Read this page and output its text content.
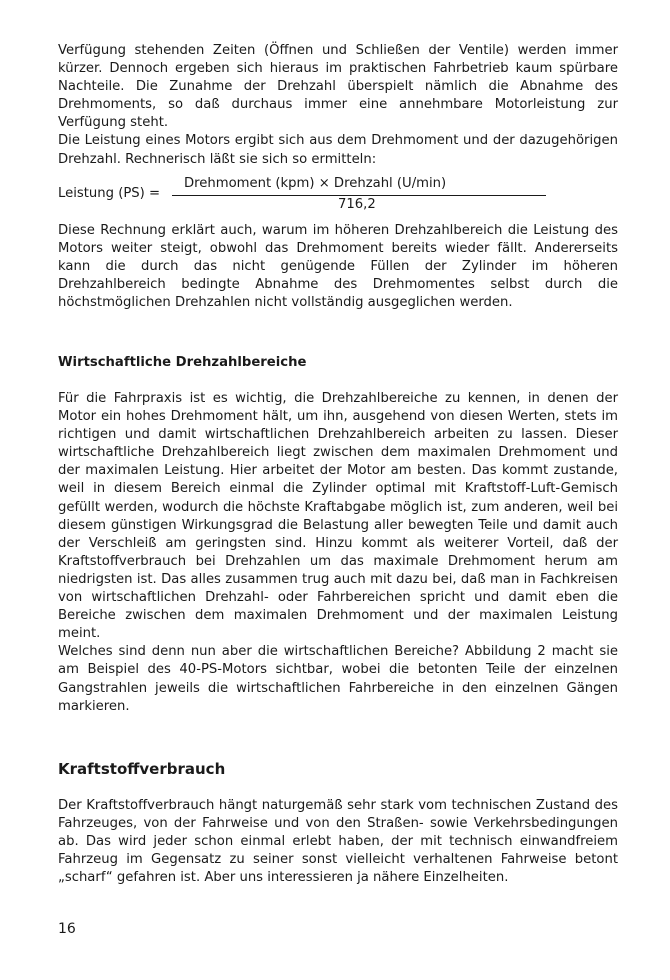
Verfügung stehenden Zeiten (Öffnen und Schließen der Ventile) werden immer kürzer. Dennoch ergeben sich hieraus im praktischen Fahrbetrieb kaum spürbare Nachteile. Die Zunahme der Drehzahl überspielt nämlich die Abnahme des Drehmoments, so daß durchaus immer eine annehmbare Motorleistung zur Verfügung steht.

Die Leistung eines Motors ergibt sich aus dem Drehmoment und der dazugehörigen Drehzahl. Rechnerisch läßt sie sich so ermitteln:

Leistung (PS) =
Drehmoment (kpm) × Drehzahl (U/min)
716,2

Diese Rechnung erklärt auch, warum im höheren Drehzahlbereich die Leistung des Motors weiter steigt, obwohl das Drehmoment bereits wieder fällt. Andererseits kann die durch das nicht genügende Füllen der Zylinder im höheren Drehzahlbereich bedingte Abnahme des Drehmomentes selbst durch die höchstmöglichen Drehzahlen nicht vollständig ausgeglichen werden.

Wirtschaftliche Drehzahlbereiche

Für die Fahrpraxis ist es wichtig, die Drehzahlbereiche zu kennen, in denen der Motor ein hohes Drehmoment hält, um ihn, ausgehend von diesen Werten, stets im richtigen und damit wirtschaftlichen Drehzahlbereich arbeiten zu lassen. Dieser wirtschaftliche Drehzahlbereich liegt zwischen dem maximalen Drehmoment und der maximalen Leistung. Hier arbeitet der Motor am besten. Das kommt zustande, weil in diesem Bereich einmal die Zylinder optimal mit Kraftstoff-Luft-Gemisch gefüllt werden, wodurch die höchste Kraftabgabe möglich ist, zum anderen, weil bei diesem günstigen Wirkungsgrad die Belastung aller bewegten Teile und damit auch der Verschleiß am geringsten sind. Hinzu kommt als weiterer Vorteil, daß der Kraftstoffverbrauch bei Drehzahlen um das maximale Drehmoment herum am niedrigsten ist. Das alles zusammen trug auch mit dazu bei, daß man in Fachkreisen von wirtschaftlichen Drehzahl- oder Fahrbereichen spricht und damit eben die Bereiche zwischen dem maximalen Drehmoment und der maximalen Leistung meint.

Welches sind denn nun aber die wirtschaftlichen Bereiche? Abbildung 2 macht sie am Beispiel des 40-PS-Motors sichtbar, wobei die betonten Teile der einzelnen Gangstrahlen jeweils die wirtschaftlichen Fahrbereiche in den einzelnen Gängen markieren.

Kraftstoffverbrauch

Der Kraftstoffverbrauch hängt naturgemäß sehr stark vom technischen Zustand des Fahrzeuges, von der Fahrweise und von den Straßen- sowie Verkehrsbedingungen ab. Das wird jeder schon einmal erlebt haben, der mit technisch einwandfreiem Fahrzeug im Gegensatz zu seiner sonst vielleicht verhaltenen Fahrweise betont „scharf“ gefahren ist. Aber uns interessieren ja nähere Einzelheiten.

16
